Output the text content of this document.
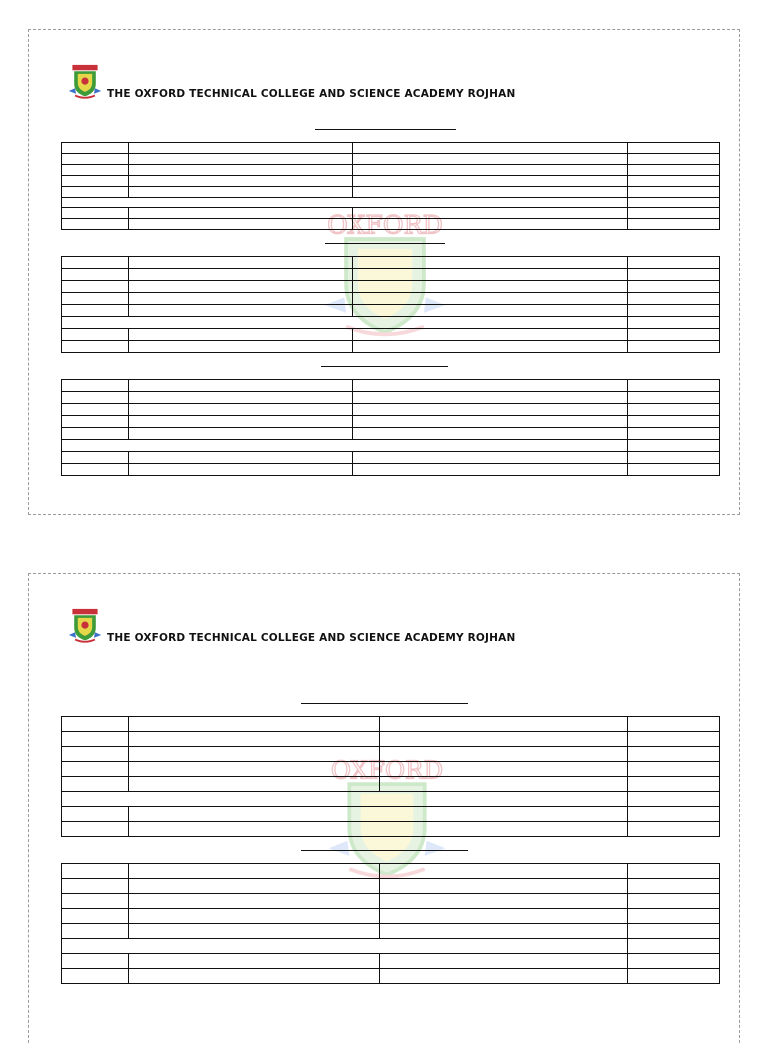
THE OXFORD TECHNICAL COLLEGE AND SCIENCE ACADEMY ROJHAN
OXFORD
THE OXFORD TECHNICAL COLLEGE AND SCIENCE ACADEMY ROJHAN
OXFORD
